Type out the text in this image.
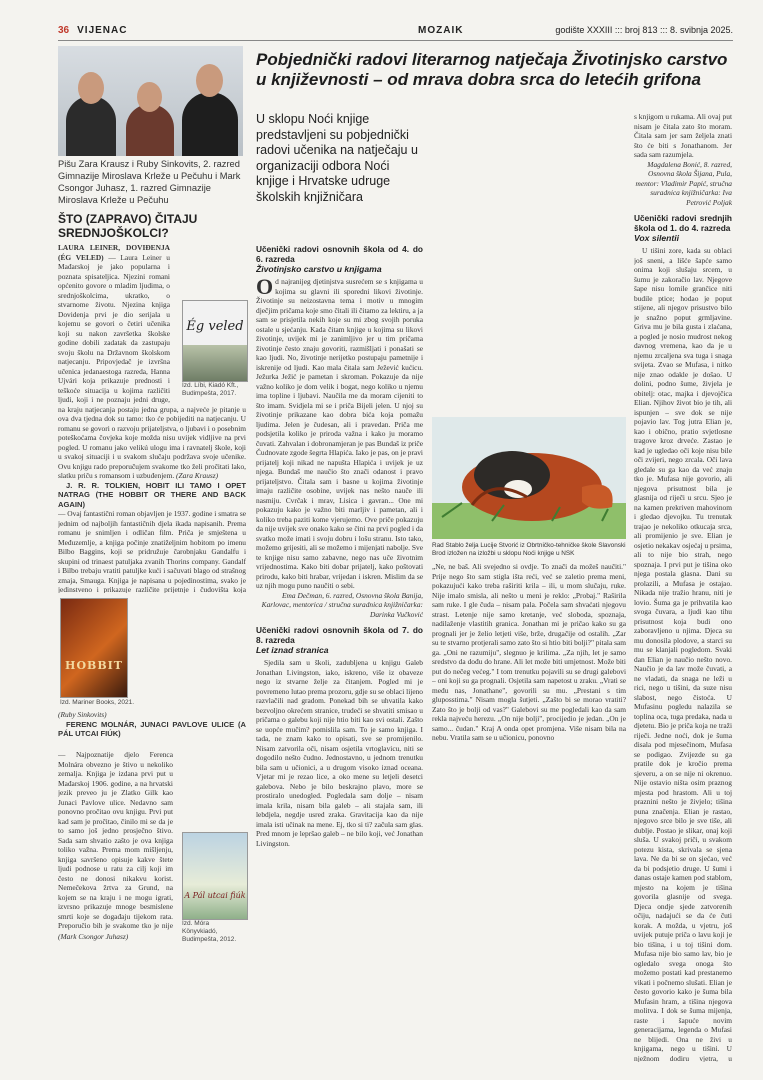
36 VIJENAC	MOZAIK	godište XXXIII ::: broj 813 ::: 8. svibnja 2025.
Pišu Zara Krausz i Ruby Sinkovits, 2. razred Gimnazije Miroslava Krleže u Pečuhu i Mark Csongor Juhasz, 1. razred Gimnazije Miroslava Krleže u Pečuhu
ŠTO (ZAPRAVO) ČITAJU SREDNJOŠKOLCI?

LAURA LEINER, DOVIĐENJA (ÉG VELED) — Laura Leiner u Mađarskoj je jako popularna i poznata spisateljica. Njezini romani općenito govore o mladim ljudima, o srednjoškolcima, ukratko, o stvarnome životu. Njezina knjiga Dovidenja prvi je dio serijala u kojemu se govori o četiri učenika koji su nakon završetka školske godine dobili zadatak da zastupaju svoju školu na Državnom školskom natjecanju. Pripovjedač je izvršna učenica jedanaestoga razreda, Hanna Ujvári koja prikazuje prednosti i teškoće situacija u kojima različiti ljudi, koji i ne poznaju jedni druge, na kraju natjecanja postaju jedna grupa, a najveće je pitanje u ova dva tjedna dok su tamo: tko će pobijediti na natjecanju. U romanu se govori o razvoju prijateljstva, o ljubavi i o posebnim poteškoćama čovjeka koje možda nisu uvijek vidljive na prvi pogled. U romanu jako velikú ulogu ima i ravnatelj škole, koji u svakoj situaciji i u svakom slučaju podržava svoje učenike. Ovu knjigu rado preporučujem svakome tko želi pročitati lako, slatku priču s romansom i uzbuđenjem. (Zara Krausz)

J. R. R. TOLKIEN, HOBIT ILI TAMO I OPET NATRAG (THE HOBBIT OR THERE AND BACK AGAIN)

— Ovaj fantastični roman objavljen je 1937. godine i smatra se jednim od najboljih fantastičnih djela ikada napisanih. Prema romanu je snimljen i odličan film. Priča je smještena u Međuzemlje, a knjiga počinje znatiželjnim hobitom po imenu Bilbo Baggins, koji se pridružuje čarobnjaku Gandalfu i skupini od trinaest patuljaka zvanih Thorins company. Gandalf i Bilbo trebaju vratiti patuljke kući i sačuvati blago od strašnog zmaja, Smauga. Knjiga je napisana u pojedinostima, svako je jedinstveno i prikazuje različite prijetnje i čudovišta koja

Ég veled
Izd. Líbi, Kiadó Kft., Budimpešta, 2017.
HOBBIT
Izd. Mariner Books, 2021.

(Ruby Sinkovits)

FERENC MOLNÁR, JUNACI PAVLOVE ULICE (A PÁL UTCAI FIÚK)

— Najpoznatije djelo Ferenca Molnára obvezno je štivo u nekoliko zemalja. Knjiga je izdana prvi put u Mađarskoj 1906. godine, a na hrvatski jezik preveo ju je Zlatko Gilk kao Junaci Pavlove ulice. Nedavno sam ponovno pročitao ovu knjigu. Prvi put kad sam je pročitao, činilo mi se da je to samo još jedno prosječno štivo. Sada sam shvatio zašto je ova knjiga toliko važna. Prema mom mišljenju, knjiga savršeno opisuje kakve štete ljudi podnose u ratu za cilj koji im često ne donosi nikakvu korist. Nemečekova žrtva za Grund, na kojem se na kraju i ne mogu igrati, izvrsno prikazuje mnoge besmislene smrti koje se događaju tijekom rata. Preporučio bih je svakome tko je nije

A Pál utcai fiúk
Izd. Móra Könyvkiadó, Budimpešta, 2012.

(Mark Csongor Juhasz)

Pobjednički radovi literarnog natječaja Životinjsko carstvo u književnosti – od mrava dobra srca do letećih grifona
U sklopu Noći knjige predstavljeni su pobjednički radovi učenika na natječaju u organizaciji odbora Noći knjige i Hrvatske udruge školskih knjižničara
Učenički radovi osnovnih škola od 4. do 6. razreda
Životinjsko carstvo u knjigama

Od najranijeg djetinjstva susrećem se s knjigama u kojima su glavni ili sporedni likovi životinje. Životinje su neizostavna tema i motiv u mnogim dječjim pričama koje smo čitali ili čitamo za lektiru, a ja sam se prisjetila nekih koje su mi zbog svojih poruka ostale u sjećanju. Kada čitam knjige u kojima su likovi životinje, uvijek mi je zanimljivo jer u tim pričama životinje često znaju govoriti, razmišljati i ponašati se kao ljudi. No, životinje nerijetko postupaju pametnije i iskrenije od ljudi. Kao mala čitala sam Ježević kućicu. Ježurka Ježić je pametan i skroman. Pokazuje da nije važno koliko je dom velik i bogat, nego koliko u njemu ima topline i ljubavi. Naučila me da moram cijeniti to što imam. Svidjela mi se i priča Bijeli jelen. U njoj su životinje prikazane kao dobra bića koja pomažu ljudima. Jelen je čudesan, ali i pravedan. Priča me podsjetila koliko je priroda važna i kako ju moramo čuvati. Zahvalan i dobronamjeran je pas Bundaš iz priče Čudnovate zgode šegrta Hlapića. Iako je pas, on je pravi prijatelj koji nikad ne napušta Hlapića i uvijek je uz njega. Bundaš me naučio što znači odanost i pravo prijateljstvo. Čitala sam i basne u kojima životinje imaju različite osobine, uvijek nas nešto nauče ili nasmiju. Cvrčak i mrav, Lisica i gavran... One mi pokazuju kako je važno biti marljiv i pametan, ali i koliko treba paziti kome vjerujemo. Ove priče pokazuju da nije uvijek sve onako kako se čini na prvi pogled i da svatko može imati i svoju dobru i lošu stranu. Isto tako, možemo grijesiti, ali se možemo i mijenjati nabolje. Sve te knjige nisu samo zabavne, nego nas uče životnim vrijednostima. Kako biti dobar prijatelj, kako poštovati prirodu, kako biti hrabar, vrijedan i iskren. Mislim da se uz njih mogu puno naučiti o sebi.

Ema Dečman, 6. razred, Osnovna škola Banija, Karlovac, mentorica / stručna suradnica knjižničarka: Darinka Vučković

Učenički radovi osnovnih škola od 7. do 8. razreda
Let iznad stranica

Sjedila sam u školi, zadubljena u knjigu Galeb Jonathan Livingston, iako, iskreno, više iz obaveze nego iz stvarne želje za čitanjem. Pogled mi je povremeno lutao prema prozoru, gdje su se oblaci lijeno razvlačili nad gradom. Ponekad bih se uhvatila kako bezvoljno okrećem stranice, trudeći se shvatiti smisao u pričama o galebu koji nije htio biti kao svi ostali. Zašto se uopće mučim? pomislila sam. To je samo knjiga. I tada, ne znam kako to opisati, sve se promijenilo. Nisam zatvorila oči, nisam osjetila vrtoglavicu, niti se dogodilo nešto čudno. Jednostavno, u jednom trenutku bila sam u učionici, a u drugom visoko iznad oceana. Vjetar mi je rezao lice, a oko mene su letjeli desetci galebova. Nebo je bilo beskrajno plavo, more se prostiralo unedogled. Pogledala sam dolje – nisam imala krila, nisam bila galeb – ali stajala sam, ili lebdjela, negdje usred zraka. Gravitacija kao da nije imala isti učinak na mene. Ej, tko si ti? začula sam glas. Pred mnom je lepršao galeb – ne bilo koji, već Jonathan Livingston.

Rad Stablo želja Lucije Stvorić iz Obrtničko-tehničke škole Slavonski Brod izložen na izložbi u sklopu Noći knjige u NSK

„Ne, ne baš. Ali svejedno si ovdje. To znači da možeš naučiti." Prije nego što sam stigla išta reći, već se zaletio prema meni, pokazujući kako treba raširiti krila – ili, u mom slučaju, ruke. Nije imalo smisla, ali nešto u meni je reklo: „Probaj." Raširila sam ruke. I gle čuda – nisam pala. Počela sam shvaćati njegovu strast. Letenje nije samo kretanje, već sloboda, spoznaja, nadilaženje vlastitih granica. Jonathan mi je pričao kako su ga prognali jer je želio letjeti više, brže, drugačije od ostalih. „Zar su te stvarno protjerali samo zato što si htio biti bolji?" pitala sam ga. „Oni ne razumiju", slegnuo je krilima. „Za njih, let je samo sredstvo da dođu do hrane. Ali let može biti umjetnost. Može biti put do nečeg većeg." I tom trenutku pojavili su se drugi galebovi – oni koji su ga prognali. Osjetila sam napetost u zraku. „Vrati se među nas, Jonathane", govorili su mu. „Prestani s tim gluposstima." Nisam mogla šutjeti. „Zašto bi se morao vratiti? Zato što je bolji od vas?" Galebovi su me pogledali kao da sam rekla najveću herezu. „On nije bolji", procijedio je jedan. „On je samo... čudan." Kraj A onda opet promjena. Više nisam bila na nebu. Vratila sam se u učionicu, ponovno

s knjigom u rukama. Ali ovaj put nisam je čitala zato što moram. Čitala sam jer sam željela znati što će biti s Jonathanom. Jer sada sam razumjela.

Magdalena Bonić, 8. razred, Osnovna škola Šijana, Pula, mentor: Vladimir Papić, stručna suradnica knjižničarka: Iva Petrović Poljak

Učenički radovi srednjih škola od 1. do 4. razreda
Vox silentii

U tišini zore, kada su oblaci još sneni, a lišće šapće samo onima koji slušaju srcem, u šumu je zakoračio lav. Njegove šape nisu lomile grančice niti budile ptice; hodao je poput stijene, ali njegov prisustvo bilo je snažno poput grmljavine. Griva mu je bila gusta i zlaćana, a pogled je nosio mudrost nekog davnog vremena, kao da je u njemu zrcaljena sva tuga i snaga svijeta. Zvao se Mufasa, i nitko nije znao odakle je došao. U dolini, podno šume, živjela je obitelj: otac, majka i djevojčica Elian. Njihov život bio je tih, ali ispunjen – sve dok se nije pojavio lav. Tog jutra Elian je, kao i obično, pratio svjetlosne tragove kroz drveće. Zastao je kad je ugledao oči koje nisu bile oči zvijeri, nego zrcala. Oči lava gledale su ga kao da već znaju tko je. Mufasa nije govorio, ali njegova prisutnost bila je glasnija od riječi u srcu. Sjeo je na kamen prekriven mahovinom i gledao djevojku. Tu trenutak trajao je nekoliko otkucaja srca, ali promijenio je sve. Elian je osjetio nekakav osjećaj u prsima, ali to nije bio strah, nego spoznaja. I prvi put je tišina oko njega postala glasna. Dani su prolazili, a Mufasa je ostajao. Nikada nije tražio hranu, niti je lovio. Šuma ga je prihvatila kao svoga čuvara, a ljudi kao tihu prisutnost koja budi ono zaboravljeno u njima. Djeca su mu donosila plodove, a starci su mu se klanjali pogledom. Svaki dan Elian je naučio nešto novo. Naučio je da lav može čuvati, a ne vladati, da snaga ne leži u rici, nego u tišini, da suze nisu slabost, nego čistoća. U Mufasinu pogledu nalazila se toplina oca, tuga predaka, nada u djetetu. Bio je priča koja ne traži riječi. Jedne noći, dok je šuma disala pod mjesečinom, Mufasa se podigao. Zvijezde su ga pratile dok je kročio prema sjeveru, a on se nije ni okrenuo. Nije ostavio ništa osim praznog mjesta pod hrastom. Ali u toj praznini nešto je živjelo; tišina puna značenja. Elian je rastao, njegovo srce bilo je sve tiše, ali dublje. Postao je slikar, onaj koji sluša. U svakoj priči, u svakom potezu kista, skrivala se sjena lava. Ne da bi se on sjećao, već da bi podsjetio druge. U šumi i danas ostaje kamen pod stablom, mjesto na kojem je tišina govorila glasnije od svega. Djeca ondje sjede zatvorenih očiju, nadajući se da će čuti korak. A možda, u vjetru, još uvijek putuje priča o lavu koji je bio tišina, i u toj tišini dom. Mufasa nije bio samo lav, bio je ogledalo svega onoga što možemo postati kad prestanemo vikati i počnemo slušati. Elian je često govorio kako je šuma bila Mufasin hram, a tišina njegova molitva. I dok se šuma mijenja, raste i šapuće novim generacijama, legenda o Mufasi ne blijedi. Ona ne živi u knjigama, nego u tišini. U nježnom dodiru vjetra, u
